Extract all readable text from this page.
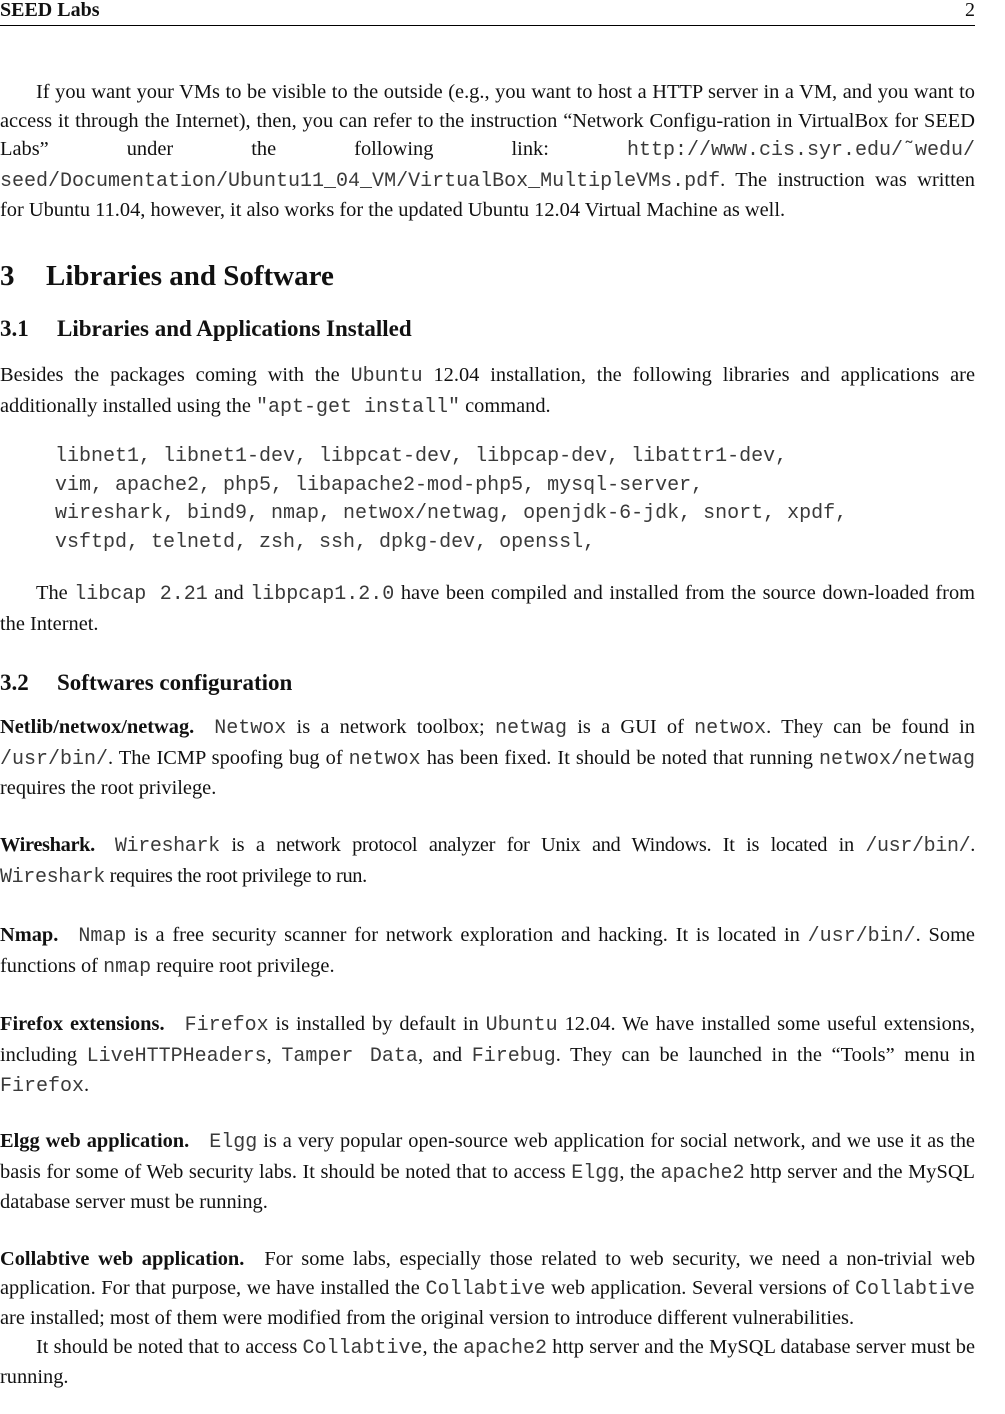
SEED Labs	2

If you want your VMs to be visible to the outside (e.g., you want to host a HTTP server in a VM, and you want to access it through the Internet), then, you can refer to the instruction “Network Configu-ration in VirtualBox for SEED Labs” under the following link: http://www.cis.syr.edu/˜wedu/ seed/Documentation/Ubuntu11_04_VM/VirtualBox_MultipleVMs.pdf. The instruction was written for Ubuntu 11.04, however, it also works for the updated Ubuntu 12.04 Virtual Machine as well.

3 Libraries and Software
3.1 Libraries and Applications Installed

Besides the packages coming with the Ubuntu 12.04 installation, the following libraries and applications are additionally installed using the "apt-get install" command.

libnet1, libnet1-dev, libpcat-dev, libpcap-dev, libattr1-dev,
vim, apache2, php5, libapache2-mod-php5, mysql-server,
wireshark, bind9, nmap, netwox/netwag, openjdk-6-jdk, snort, xpdf,
vsftpd, telnetd, zsh, ssh, dpkg-dev, openssl,

The libcap 2.21 and libpcap1.2.0 have been compiled and installed from the source down-loaded from the Internet.

3.2 Softwares configuration

Netlib/netwox/netwag. Netwox is a network toolbox; netwag is a GUI of netwox. They can be found in /usr/bin/. The ICMP spoofing bug of netwox has been fixed. It should be noted that running netwox/netwag requires the root privilege.

Wireshark. Wireshark is a network protocol analyzer for Unix and Windows. It is located in /usr/bin/. Wireshark requires the root privilege to run.

Nmap. Nmap is a free security scanner for network exploration and hacking. It is located in /usr/bin/. Some functions of nmap require root privilege.

Firefox extensions. Firefox is installed by default in Ubuntu 12.04. We have installed some useful extensions, including LiveHTTPHeaders, Tamper Data, and Firebug. They can be launched in the “Tools” menu in Firefox.

Elgg web application. Elgg is a very popular open-source web application for social network, and we use it as the basis for some of Web security labs. It should be noted that to access Elgg, the apache2 http server and the MySQL database server must be running.

Collabtive web application. For some labs, especially those related to web security, we need a non-trivial web application. For that purpose, we have installed the Collabtive web application. Several versions of Collabtive are installed; most of them were modified from the original version to introduce different vulnerabilities.

It should be noted that to access Collabtive, the apache2 http server and the MySQL database server must be running.
